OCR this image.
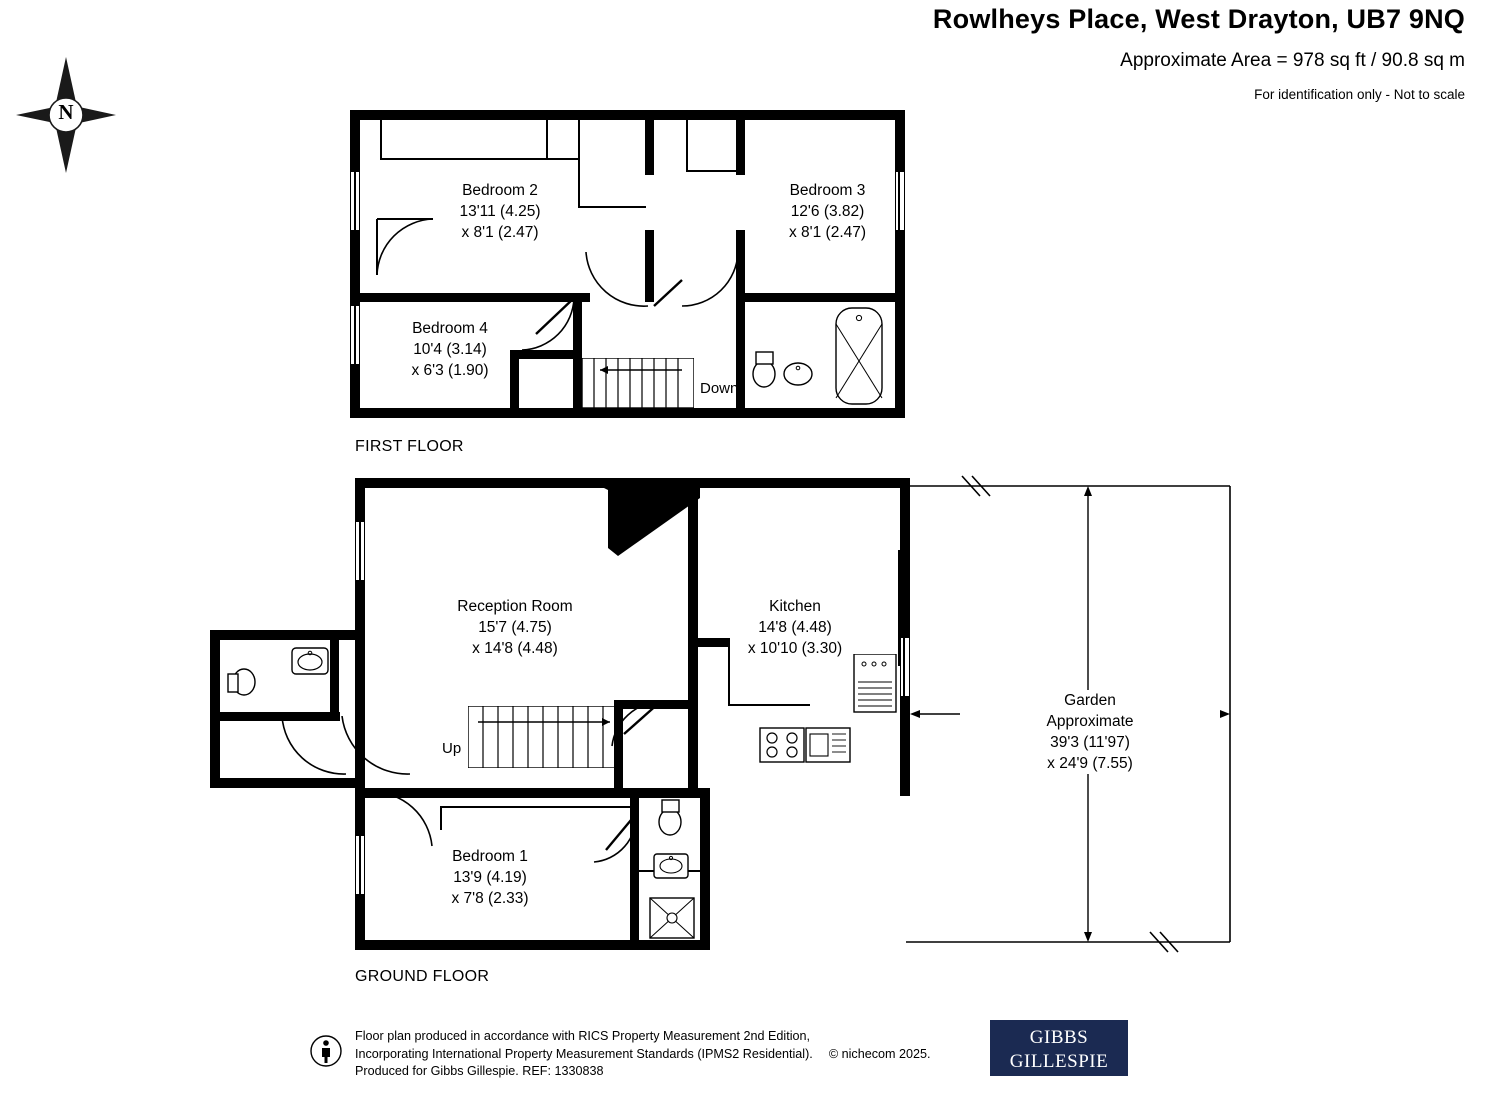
Rowlheys Place, West Drayton, UB7 9NQ
Approximate Area = 978 sq ft / 90.8 sq m
For identification only - Not to scale
N
Bedroom 2
13'11 (4.25)
x 8'1 (2.47)
Bedroom 3
12'6 (3.82)
x 8'1 (2.47)
Bedroom 4
10'4 (3.14)
x 6'3 (1.90)
Down
FIRST FLOOR
Reception Room
15'7 (4.75)
x 14'8 (4.48)
Kitchen
14'8 (4.48)
x 10'10 (3.30)
Bedroom 1
13'9 (4.19)
x 7'8 (2.33)
Up
GROUND FLOOR
Garden
Approximate
39'3 (11'97)
x 24'9 (7.55)
Floor plan produced in accordance with RICS Property Measurement 2nd Edition,
Incorporating International Property Measurement Standards (IPMS2 Residential). © nichecom 2025.
Produced for Gibbs Gillespie. REF: 1330838
GIBBS
GILLESPIE
